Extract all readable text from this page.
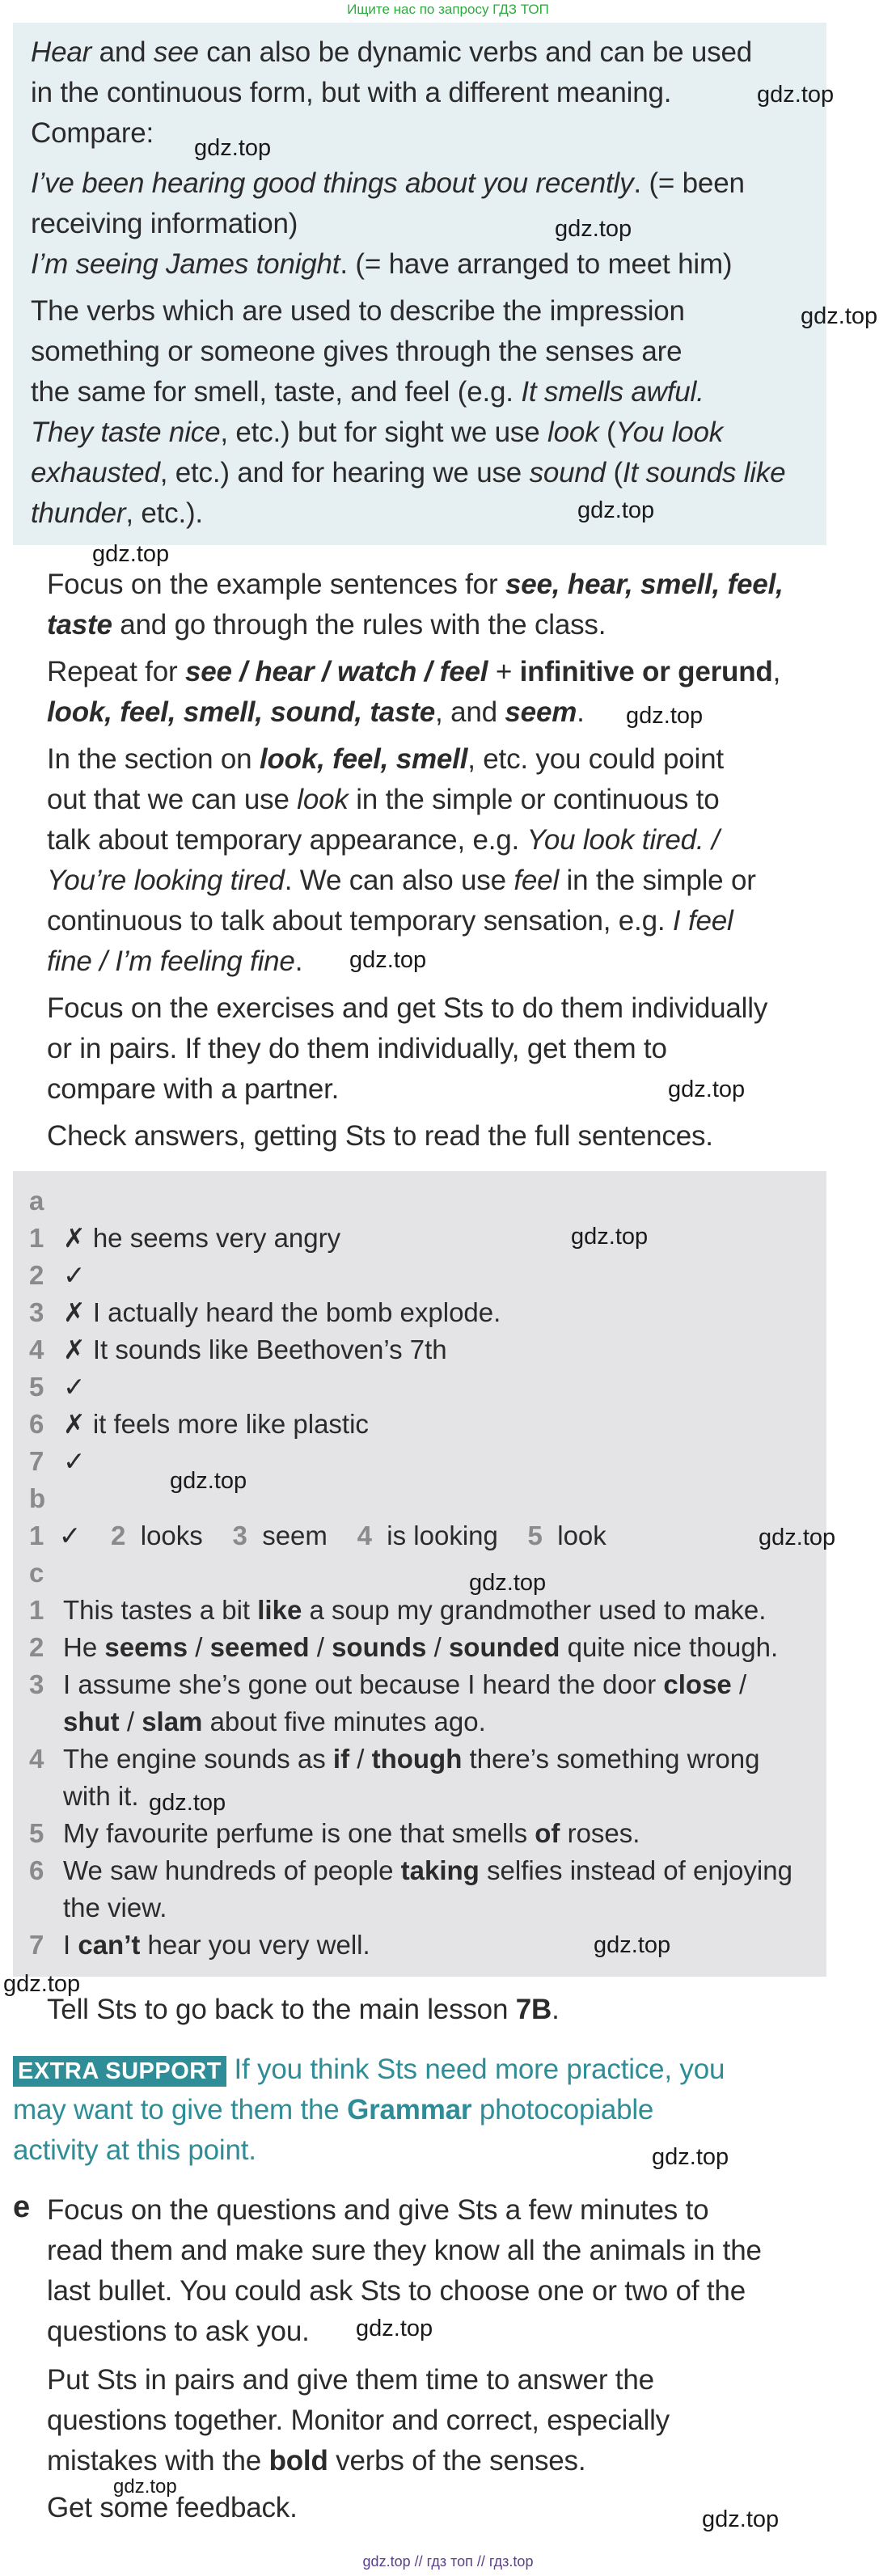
Ищите нас по запросу ГДЗ ТОП
Hear and see can also be dynamic verbs and can be used
in the continuous form, but with a different meaning.
Compare:
I’ve been hearing good things about you recently. (= been
receiving information)
I’m seeing James tonight. (= have arranged to meet him)
The verbs which are used to describe the impression
something or someone gives through the senses are
the same for smell, taste, and feel (e.g. It smells awful.
They taste nice, etc.) but for sight we use look (You look
exhausted, etc.) and for hearing we use sound (It sounds like
thunder, etc.).
Focus on the example sentences for see, hear, smell, feel,
taste and go through the rules with the class.
Repeat for see / hear / watch / feel + infinitive or gerund,
look, feel, smell, sound, taste, and seem.
In the section on look, feel, smell, etc. you could point
out that we can use look in the simple or continuous to
talk about temporary appearance, e.g. You look tired. /
You’re looking tired. We can also use feel in the simple or
continuous to talk about temporary sensation, e.g. I feel
fine / I’m feeling fine.
Focus on the exercises and get Sts to do them individually
or in pairs. If they do them individually, get them to
compare with a partner.
Check answers, getting Sts to read the full sentences.
a
1 ✗ he seems very angry
2 ✓
3 ✗ I actually heard the bomb explode.
4 ✗ It sounds like Beethoven’s 7th
5 ✓
6 ✗ it feels more like plastic
7 ✓
b
1 ✓ 2 looks 3 seem 4 is looking 5 look
c
1 This tastes a bit like a soup my grandmother used to make.
2 He seems / seemed / sounds / sounded quite nice though.
3 I assume she’s gone out because I heard the door close /
shut / slam about five minutes ago.
4 The engine sounds as if / though there’s something wrong
with it.
5 My favourite perfume is one that smells of roses.
6 We saw hundreds of people taking selfies instead of enjoying
the view.
7 I can’t hear you very well.
Tell Sts to go back to the main lesson 7B.
EXTRA SUPPORT If you think Sts need more practice, you
may want to give them the Grammar photocopiable
activity at this point.
e Focus on the questions and give Sts a few minutes to
read them and make sure they know all the animals in the
last bullet. You could ask Sts to choose one or two of the
questions to ask you.
Put Sts in pairs and give them time to answer the
questions together. Monitor and correct, especially
mistakes with the bold verbs of the senses.
Get some feedback.
gdz.top
gdz.top
gdz.top
gdz.top
gdz.top
gdz.top
gdz.top
gdz.top
gdz.top
gdz.top
gdz.top
gdz.top
gdz.top
gdz.top
gdz.top
gdz.top
gdz.top
gdz.top
gdz.top
gdz.top
gdz.top // гдз топ // гдз.top
